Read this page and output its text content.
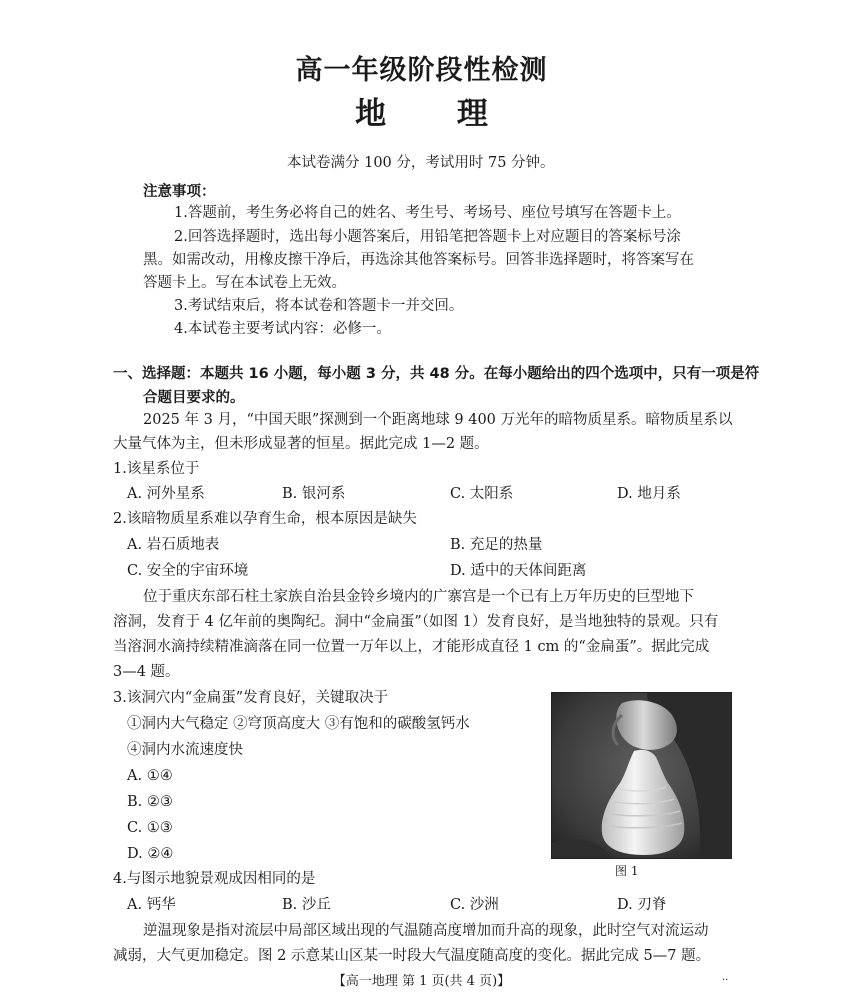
高一年级阶段性检测
地 理
本试卷满分 100 分，考试用时 75 分钟。
注意事项：
1.答题前，考生务必将自己的姓名、考生号、考场号、座位号填写在答题卡上。
2.回答选择题时，选出每小题答案后，用铅笔把答题卡上对应题目的答案标号涂
黑。如需改动，用橡皮擦干净后，再选涂其他答案标号。回答非选择题时，将答案写在
答题卡上。写在本试卷上无效。
3.考试结束后，将本试卷和答题卡一并交回。
4.本试卷主要考试内容：必修一。
一、选择题：本题共 16 小题，每小题 3 分，共 48 分。在每小题给出的四个选项中，只有一项是符
合题目要求的。
2025 年 3 月，“中国天眼”探测到一个距离地球 9 400 万光年的暗物质星系。暗物质星系以
大量气体为主，但未形成显著的恒星。据此完成 1—2 题。
1.该星系位于
A. 河外星系	B. 银河系	C. 太阳系	D. 地月系
2.该暗物质星系难以孕育生命，根本原因是缺失
A. 岩石质地表	B. 充足的热量
C. 安全的宇宙环境	D. 适中的天体间距离
位于重庆东部石柱土家族自治县金铃乡境内的广寨宫是一个已有上万年历史的巨型地下
溶洞，发育于 4 亿年前的奥陶纪。洞中“金扁蛋”（如图 1）发育良好，是当地独特的景观。只有
当溶洞水滴持续精准滴落在同一位置一万年以上，才能形成直径 1 cm 的“金扁蛋”。据此完成
3—4 题。
3.该洞穴内“金扁蛋”发育良好，关键取决于
①洞内大气稳定 ②穹顶高度大 ③有饱和的碳酸氢钙水
④洞内水流速度快
A. ①④
B. ②③
C. ①③
D. ②④
图 1
4.与图示地貌景观成因相同的是
A. 钙华	B. 沙丘	C. 沙洲	D. 刃脊
逆温现象是指对流层中局部区域出现的气温随高度增加而升高的现象，此时空气对流运动
减弱，大气更加稳定。图 2 示意某山区某一时段大气温度随高度的变化。据此完成 5—7 题。
【高一地理 第 1 页(共 4 页)】	··
